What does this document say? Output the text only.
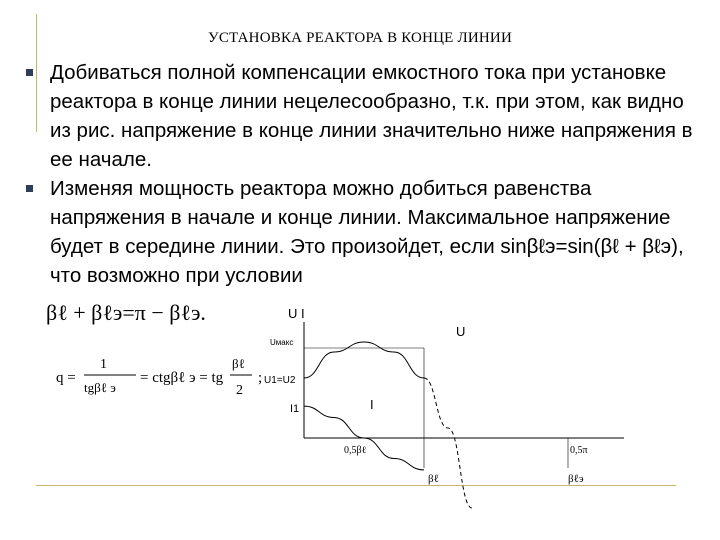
УСТАНОВКА РЕАКТОРА В КОНЦЕ ЛИНИИ
Добиваться полной компенсации емкостного тока при установке реактора в конце линии нецелесообразно, т.к. при этом, как видно из рис. напряжение в конце линии значительно ниже напряжения в ее начале.
Изменяя мощность реактора можно добиться равенства напряжения в начале и конце линии. Максимальное напряжение будет в середине линии. Это произойдет, если sinβℓэ=sin(βℓ + βℓэ), что возможно при условии
βℓ + βℓэ=π − βℓэ.
q =
1
tgβℓ э
= ctgβℓ э = tg
βℓ
2
;
U I
U
Uмакс
U1=U2
I1	I
0,5βℓ	0,5π
βℓ	βℓэ
